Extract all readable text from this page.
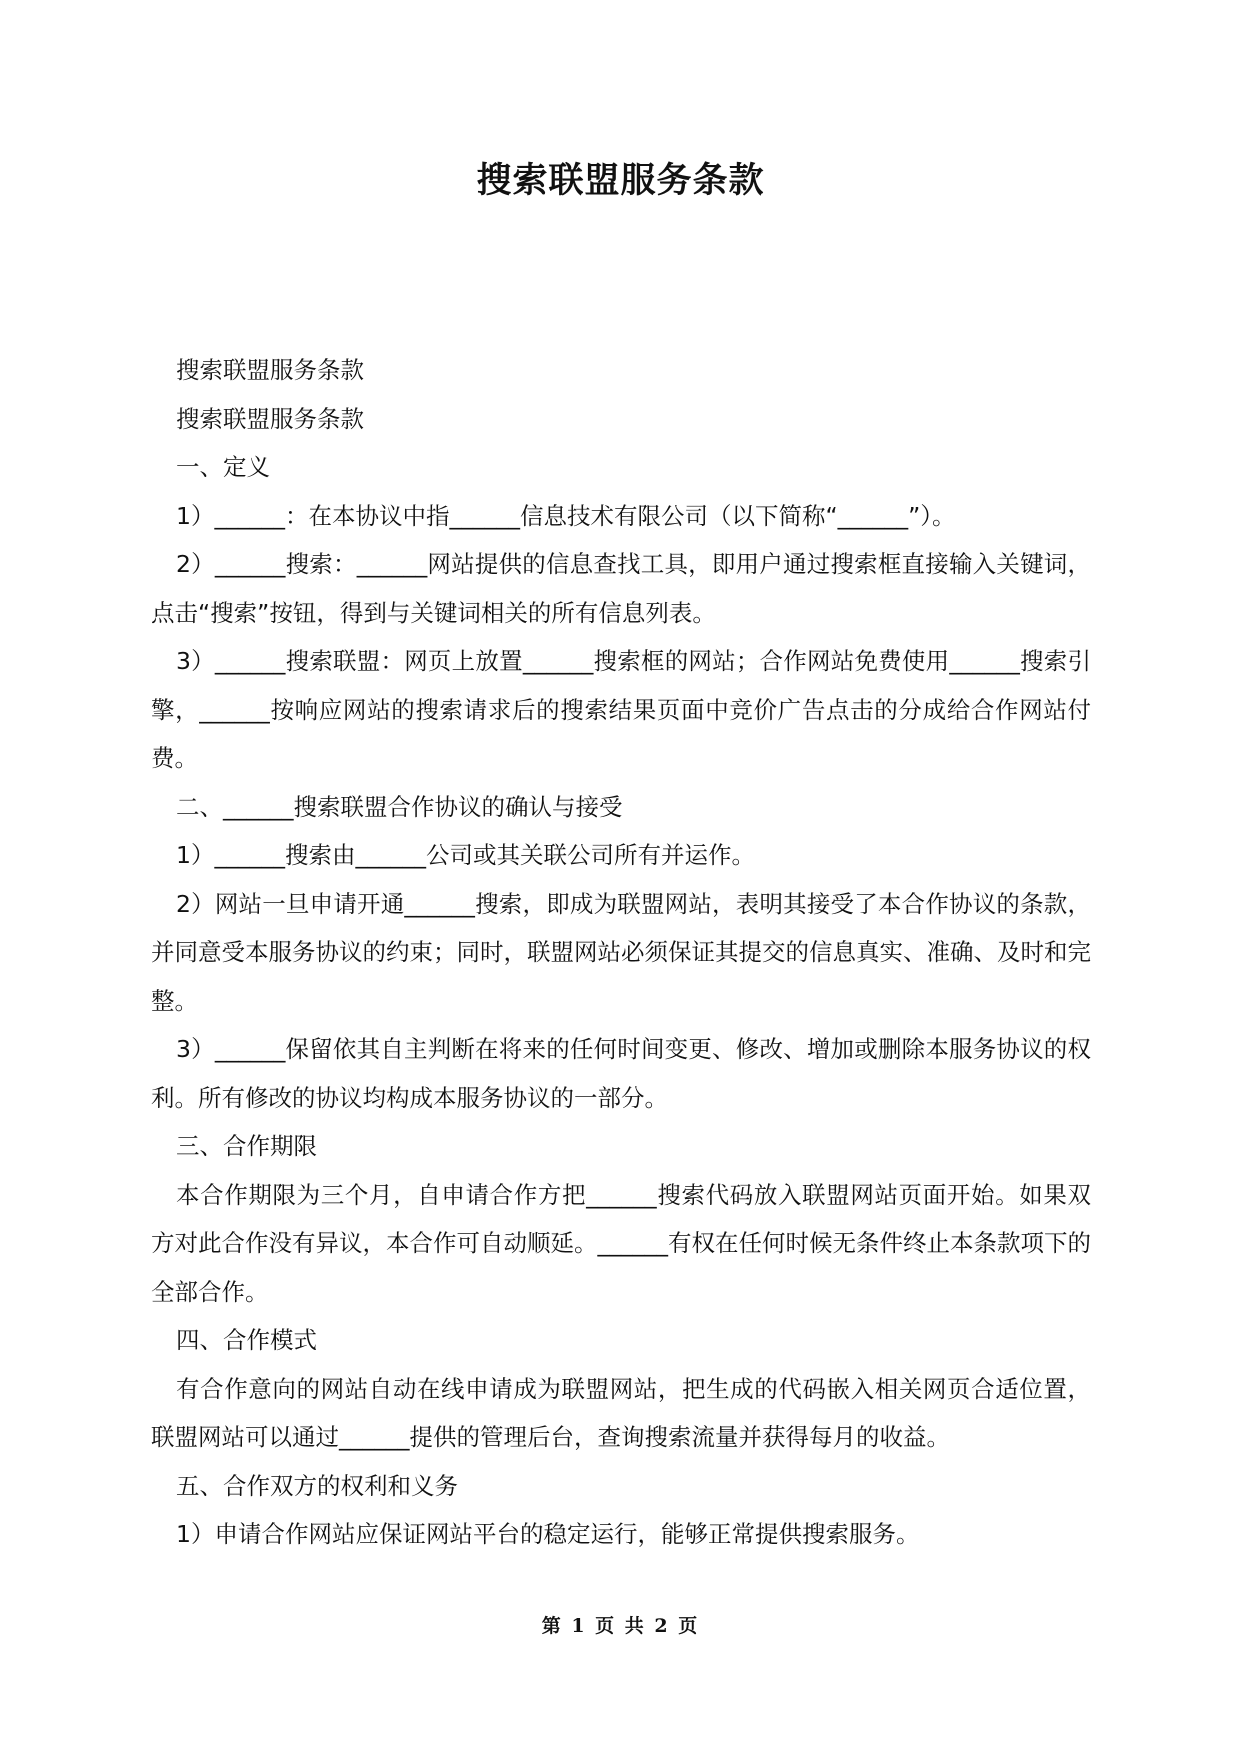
搜索联盟服务条款

搜索联盟服务条款

搜索联盟服务条款

一、定义

1）______：在本协议中指______信息技术有限公司（以下简称“______”）。

2）______搜索：______网站提供的信息查找工具，即用户通过搜索框直接输入关键词，点击“搜索”按钮，得到与关键词相关的所有信息列表。

3）______搜索联盟：网页上放置______搜索框的网站；合作网站免费使用______搜索引擎，______按响应网站的搜索请求后的搜索结果页面中竞价广告点击的分成给合作网站付费。

二、______搜索联盟合作协议的确认与接受

1）______搜索由______公司或其关联公司所有并运作。

2）网站一旦申请开通______搜索，即成为联盟网站，表明其接受了本合作协议的条款，并同意受本服务协议的约束；同时，联盟网站必须保证其提交的信息真实、准确、及时和完整。

3）______保留依其自主判断在将来的任何时间变更、修改、增加或删除本服务协议的权利。所有修改的协议均构成本服务协议的一部分。

三、合作期限

本合作期限为三个月，自申请合作方把______搜索代码放入联盟网站页面开始。如果双方对此合作没有异议，本合作可自动顺延。______有权在任何时候无条件终止本条款项下的全部合作。

四、合作模式

有合作意向的网站自动在线申请成为联盟网站，把生成的代码嵌入相关网页合适位置，联盟网站可以通过______提供的管理后台，查询搜索流量并获得每月的收益。

五、合作双方的权利和义务

1）申请合作网站应保证网站平台的稳定运行，能够正常提供搜索服务。

第 1 页 共 2 页
